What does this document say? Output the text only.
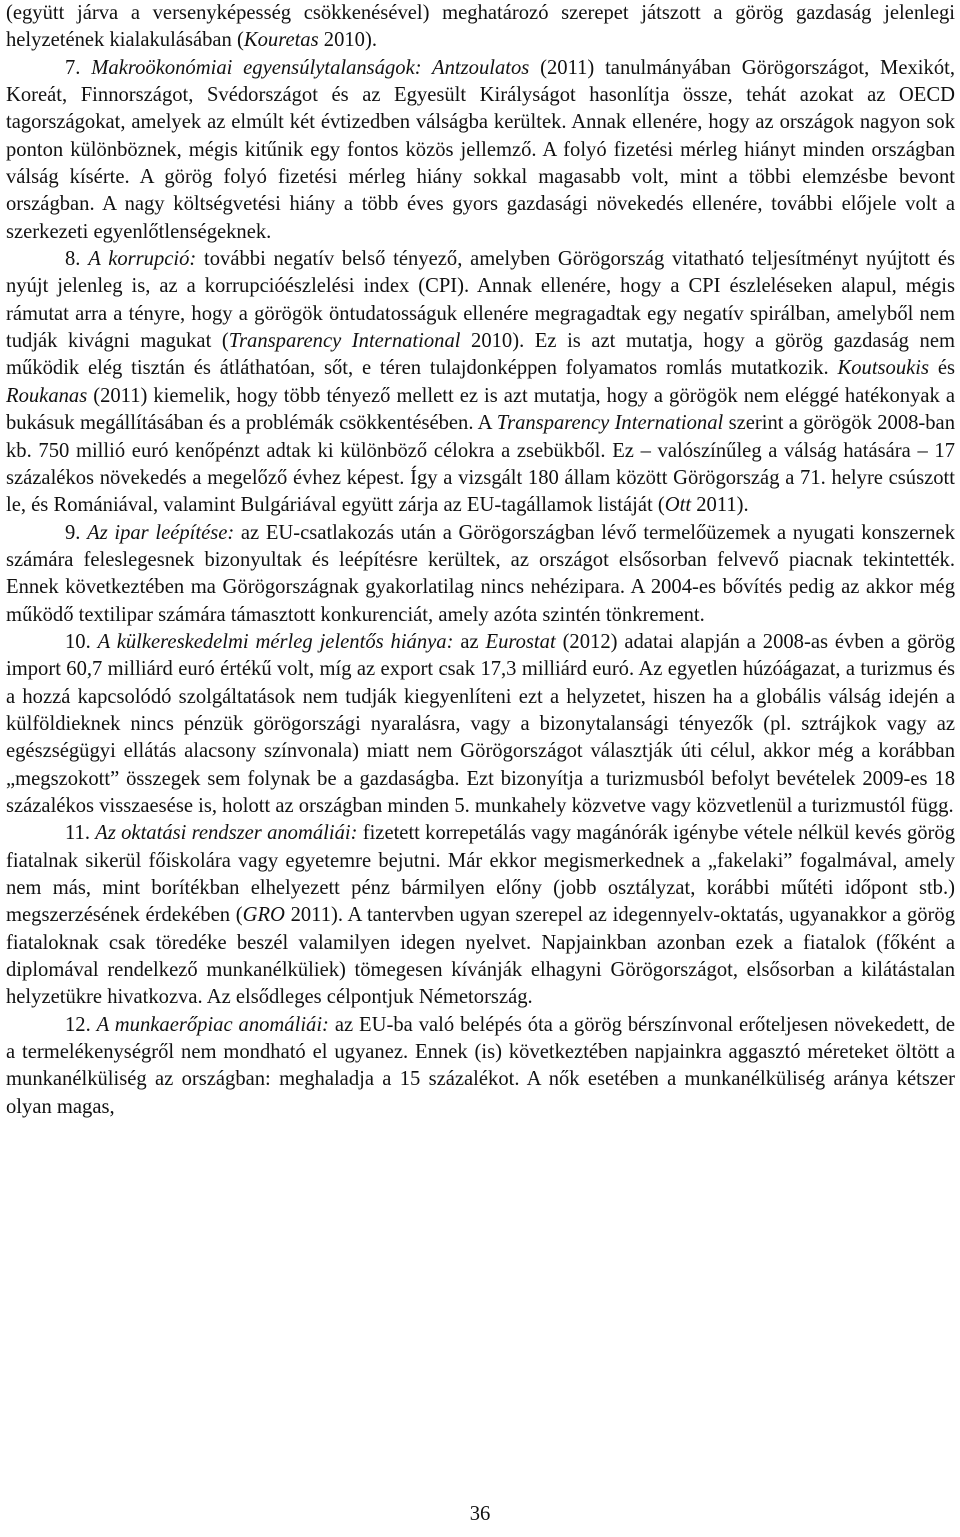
(együtt járva a versenyképesség csökkenésével) meghatározó szerepet játszott a görög gazdaság jelenlegi helyzetének kialakulásában (Kouretas 2010).

7. Makroökonómiai egyensúlytalanságok: Antzoulatos (2011) tanulmányában Görögországot, Mexikót, Koreát, Finnországot, Svédországot és az Egyesült Királyságot hasonlítja össze, tehát azokat az OECD tagországokat, amelyek az elmúlt két évtizedben válságba kerültek. Annak ellenére, hogy az országok nagyon sok ponton különböznek, mégis kitűnik egy fontos közös jellemző. A folyó fizetési mérleg hiányt minden országban válság kísérte. A görög folyó fizetési mérleg hiány sokkal magasabb volt, mint a többi elemzésbe bevont országban. A nagy költségvetési hiány a több éves gyors gazdasági növekedés ellenére, további előjele volt a szerkezeti egyenlőtlenségeknek.

8. A korrupció: további negatív belső tényező, amelyben Görögország vitatható teljesítményt nyújtott és nyújt jelenleg is, az a korrupcióészlelési index (CPI). Annak ellenére, hogy a CPI észleléseken alapul, mégis rámutat arra a tényre, hogy a görögök öntudatosságuk ellenére megragadtak egy negatív spirálban, amelyből nem tudják kivágni magukat (Transparency International 2010). Ez is azt mutatja, hogy a görög gazdaság nem működik elég tisztán és átláthatóan, sőt, e téren tulajdonképpen folyamatos romlás mutatkozik. Koutsoukis és Roukanas (2011) kiemelik, hogy több tényező mellett ez is azt mutatja, hogy a görögök nem eléggé hatékonyak a bukásuk megállításában és a problémák csökkentésében. A Transparency International szerint a görögök 2008-ban kb. 750 millió euró kenőpénzt adtak ki különböző célokra a zsebükből. Ez – valószínűleg a válság hatására – 17 százalékos növekedés a megelőző évhez képest. Így a vizsgált 180 állam között Görögország a 71. helyre csúszott le, és Romániával, valamint Bulgáriával együtt zárja az EU-tagállamok listáját (Ott 2011).

9. Az ipar leépítése: az EU-csatlakozás után a Görögországban lévő termelőüzemek a nyugati konszernek számára feleslegesnek bizonyultak és leépítésre kerültek, az országot elsősorban felvevő piacnak tekintették. Ennek következtében ma Görögországnak gyakorlatilag nincs nehézipara. A 2004-es bővítés pedig az akkor még működő textilipar számára támasztott konkurenciát, amely azóta szintén tönkrement.

10. A külkereskedelmi mérleg jelentős hiánya: az Eurostat (2012) adatai alapján a 2008-as évben a görög import 60,7 milliárd euró értékű volt, míg az export csak 17,3 milliárd euró. Az egyetlen húzóágazat, a turizmus és a hozzá kapcsolódó szolgáltatások nem tudják kiegyenlíteni ezt a helyzetet, hiszen ha a globális válság idején a külföldieknek nincs pénzük görögországi nyaralásra, vagy a bizonytalansági tényezők (pl. sztrájkok vagy az egészségügyi ellátás alacsony színvonala) miatt nem Görögországot választják úti célul, akkor még a korábban „megszokott” összegek sem folynak be a gazdaságba. Ezt bizonyítja a turizmusból befolyt bevételek 2009-es 18 százalékos visszaesése is, holott az országban minden 5. munkahely közvetve vagy közvetlenül a turizmustól függ.

11. Az oktatási rendszer anomáliái: fizetett korrepetálás vagy magánórák igénybe vétele nélkül kevés görög fiatalnak sikerül főiskolára vagy egyetemre bejutni. Már ekkor megismerkednek a „fakelaki” fogalmával, amely nem más, mint borítékban elhelyezett pénz bármilyen előny (jobb osztályzat, korábbi műtéti időpont stb.) megszerzésének érdekében (GRO 2011). A tantervben ugyan szerepel az idegennyelv-oktatás, ugyanakkor a görög fiataloknak csak töredéke beszél valamilyen idegen nyelvet. Napjainkban azonban ezek a fiatalok (főként a diplomával rendelkező munkanélküliek) tömegesen kívánják elhagyni Görögországot, elsősorban a kilátástalan helyzetükre hivatkozva. Az elsődleges célpontjuk Németország.

12. A munkaerőpiac anomáliái: az EU-ba való belépés óta a görög bérszínvonal erőteljesen növekedett, de a termelékenységről nem mondható el ugyanez. Ennek (is) következtében napjainkra aggasztó méreteket öltött a munkanélküliség az országban: meghaladja a 15 százalékot. A nők esetében a munkanélküliség aránya kétszer olyan magas,

36
